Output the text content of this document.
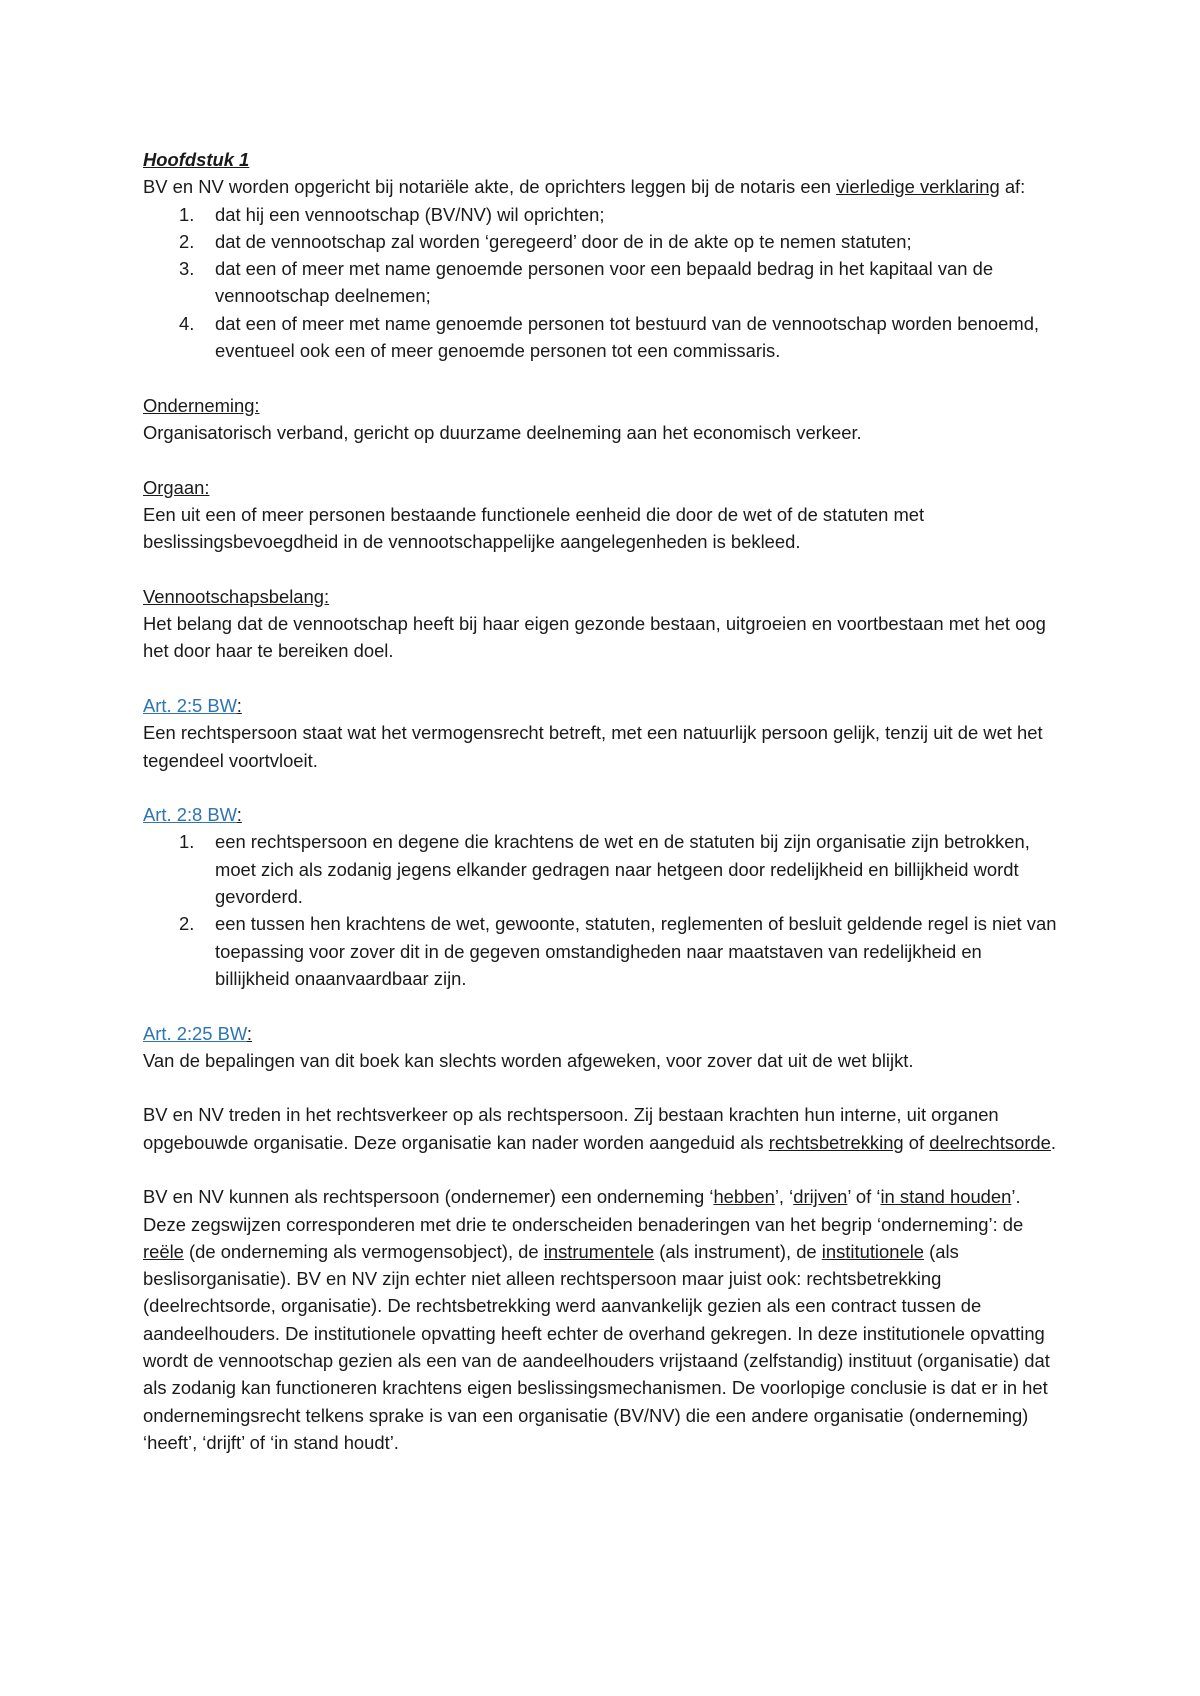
Hoofdstuk 1

BV en NV worden opgericht bij notariële akte, de oprichters leggen bij de notaris een vierledige verklaring af:

1. dat hij een vennootschap (BV/NV) wil oprichten;
2. dat de vennootschap zal worden ‘geregeerd’ door de in de akte op te nemen statuten;
3. dat een of meer met name genoemde personen voor een bepaald bedrag in het kapitaal van de vennootschap deelnemen;
4. dat een of meer met name genoemde personen tot bestuurd van de vennootschap worden benoemd, eventueel ook een of meer genoemde personen tot een commissaris.

Onderneming:

Organisatorisch verband, gericht op duurzame deelneming aan het economisch verkeer.

Orgaan:

Een uit een of meer personen bestaande functionele eenheid die door de wet of de statuten met beslissingsbevoegdheid in de vennootschappelijke aangelegenheden is bekleed.

Vennootschapsbelang:

Het belang dat de vennootschap heeft bij haar eigen gezonde bestaan, uitgroeien en voortbestaan met het oog het door haar te bereiken doel.

Art. 2:5 BW:

Een rechtspersoon staat wat het vermogensrecht betreft, met een natuurlijk persoon gelijk, tenzij uit de wet het tegendeel voortvloeit.

Art. 2:8 BW:

1. een rechtspersoon en degene die krachtens de wet en de statuten bij zijn organisatie zijn betrokken, moet zich als zodanig jegens elkander gedragen naar hetgeen door redelijkheid en billijkheid wordt gevorderd.
2. een tussen hen krachtens de wet, gewoonte, statuten, reglementen of besluit geldende regel is niet van toepassing voor zover dit in de gegeven omstandigheden naar maatstaven van redelijkheid en billijkheid onaanvaardbaar zijn.

Art. 2:25 BW:

Van de bepalingen van dit boek kan slechts worden afgeweken, voor zover dat uit de wet blijkt.

BV en NV treden in het rechtsverkeer op als rechtspersoon. Zij bestaan krachten hun interne, uit organen opgebouwde organisatie. Deze organisatie kan nader worden aangeduid als rechtsbetrekking of deelrechtsorde.

BV en NV kunnen als rechtspersoon (ondernemer) een onderneming ‘hebben’, ‘drijven’ of ‘in stand houden’. Deze zegswijzen corresponderen met drie te onderscheiden benaderingen van het begrip ‘onderneming’: de reële (de onderneming als vermogensobject), de instrumentele (als instrument), de institutionele (als beslisorganisatie). BV en NV zijn echter niet alleen rechtspersoon maar juist ook: rechtsbetrekking (deelrechtsorde, organisatie). De rechtsbetrekking werd aanvankelijk gezien als een contract tussen de aandeelhouders. De institutionele opvatting heeft echter de overhand gekregen. In deze institutionele opvatting wordt de vennootschap gezien als een van de aandeelhouders vrijstaand (zelfstandig) instituut (organisatie) dat als zodanig kan functioneren krachtens eigen beslissingsmechanismen. De voorlopige conclusie is dat er in het ondernemingsrecht telkens sprake is van een organisatie (BV/NV) die een andere organisatie (onderneming) ‘heeft’, ‘drijft’ of ‘in stand houdt’.
